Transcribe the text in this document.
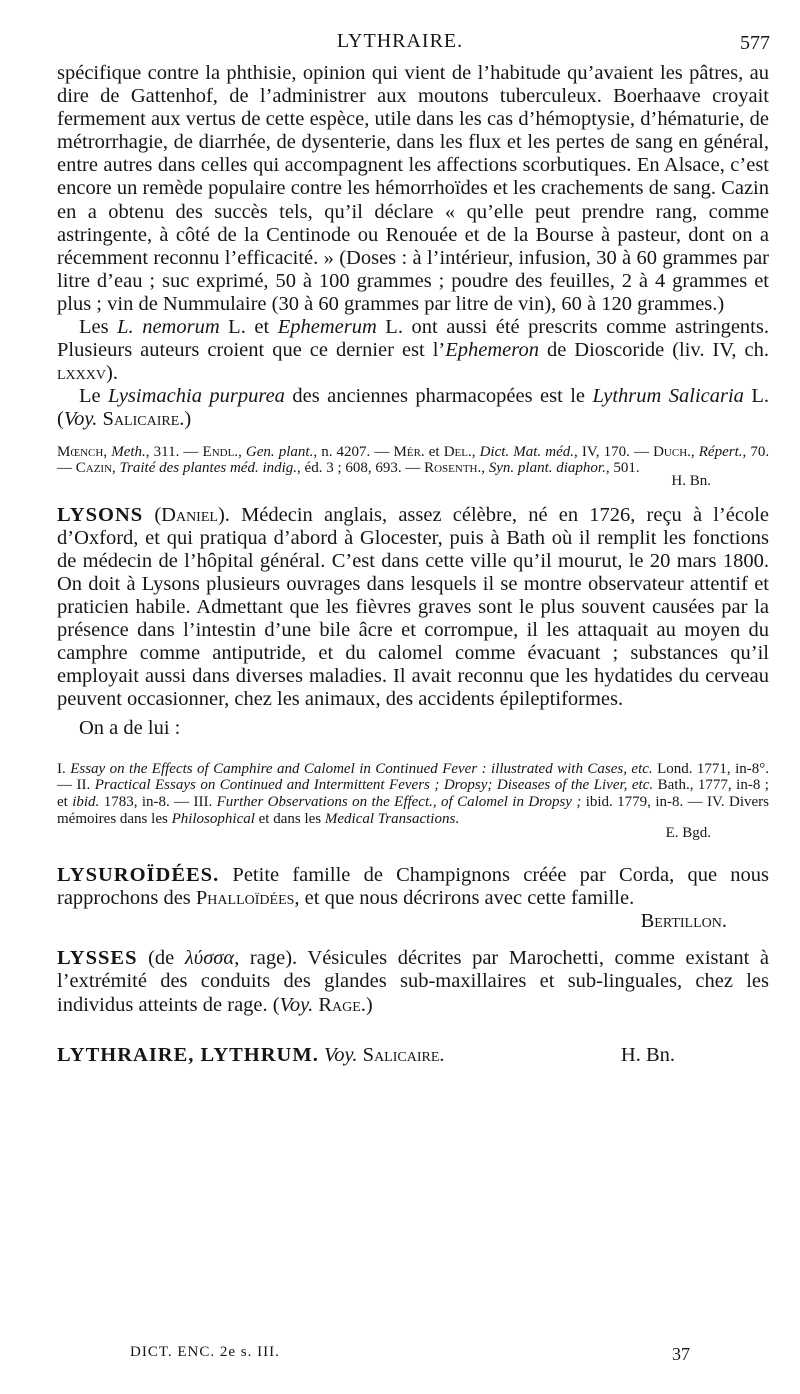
LYTHRAIRE.	577

spécifique contre la phthisie, opinion qui vient de l’habitude qu’avaient les pâtres, au dire de Gattenhof, de l’administrer aux moutons tuberculeux. Boerhaave croyait fermement aux vertus de cette espèce, utile dans les cas d’hémoptysie, d’hématurie, de métrorrhagie, de diarrhée, de dysenterie, dans les flux et les pertes de sang en général, entre autres dans celles qui accompagnent les affections scorbutiques. En Alsace, c’est encore un remède populaire contre les hémorrhoïdes et les crachements de sang. Cazin en a obtenu des succès tels, qu’il déclare « qu’elle peut prendre rang, comme astringente, à côté de la Centinode ou Renouée et de la Bourse à pasteur, dont on a récemment reconnu l’efficacité. » (Doses : à l’intérieur, infusion, 30 à 60 grammes par litre d’eau ; suc exprimé, 50 à 100 grammes ; poudre des feuilles, 2 à 4 grammes et plus ; vin de Nummulaire (30 à 60 grammes par litre de vin), 60 à 120 grammes.)

Les L. nemorum L. et Ephemerum L. ont aussi été prescrits comme astringents. Plusieurs auteurs croient que ce dernier est l’Ephemeron de Dioscoride (liv. IV, ch. lxxxv).

Le Lysimachia purpurea des anciennes pharmacopées est le Lythrum Salicaria L. (Voy. Salicaire.)

Mœnch, Meth., 311. — Endl., Gen. plant., n. 4207. — Mér. et Del., Dict. Mat. méd., IV, 170. — Duch., Répert., 70. — Cazin, Traité des plantes méd. indig., éd. 3 ; 608, 693. — Rosenth., Syn. plant. diaphor., 501.

H. Bn.

LYSONS (Daniel). Médecin anglais, assez célèbre, né en 1726, reçu à l’école d’Oxford, et qui pratiqua d’abord à Glocester, puis à Bath où il remplit les fonctions de médecin de l’hôpital général. C’est dans cette ville qu’il mourut, le 20 mars 1800. On doit à Lysons plusieurs ouvrages dans lesquels il se montre observateur attentif et praticien habile. Admettant que les fièvres graves sont le plus souvent causées par la présence dans l’intestin d’une bile âcre et corrompue, il les attaquait au moyen du camphre comme antiputride, et du calomel comme évacuant ; substances qu’il employait aussi dans diverses maladies. Il avait reconnu que les hydatides du cerveau peuvent occasionner, chez les animaux, des accidents épileptiformes.

On a de lui :

I. Essay on the Effects of Camphire and Calomel in Continued Fever : illustrated with Cases, etc. Lond. 1771, in-8°. — II. Practical Essays on Continued and Intermittent Fevers ; Dropsy; Diseases of the Liver, etc. Bath., 1777, in-8 ; et ibid. 1783, in-8. — III. Further Observations on the Effect., of Calomel in Dropsy ; ibid. 1779, in-8. — IV. Divers mémoires dans les Philosophical et dans les Medical Transactions.

E. Bgd.

LYSUROÏDÉES. Petite famille de Champignons créée par Corda, que nous rapprochons des Phalloïdées, et que nous décrirons avec cette famille.

Bertillon.

LYSSES (de λύσσα, rage). Vésicules décrites par Marochetti, comme existant à l’extrémité des conduits des glandes sub-maxillaires et sub-linguales, chez les individus atteints de rage. (Voy. Rage.)

LYTHRAIRE, LYTHRUM. Voy. Salicaire.	H. Bn.
DICT. ENC. 2e s. III.	37
